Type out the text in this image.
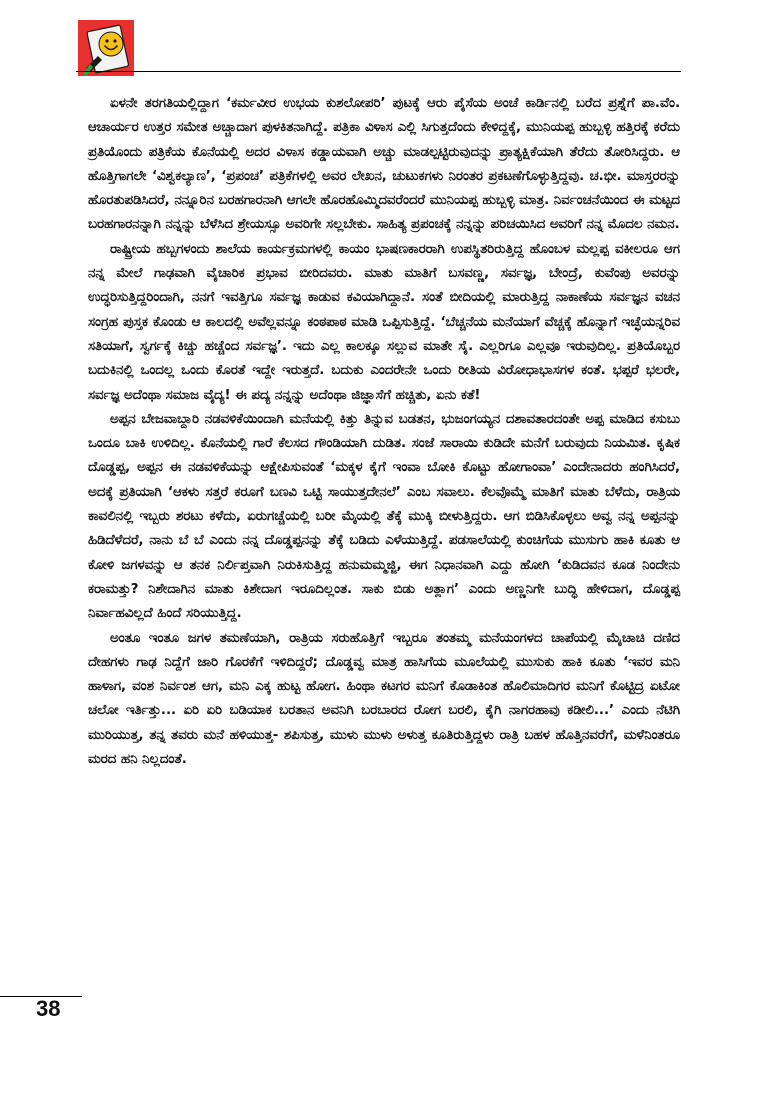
ಏಳನೇ ತರಗತಿಯಲ್ಲಿದ್ದಾಗ ‘ಕರ್ಮವೀರ ಉಭಯ ಕುಶಲೋಪರಿ’ ಪುಟಕ್ಕೆ ಆರು ಪೈಸೆಯ ಅಂಚೆ ಕಾರ್ಡಿನಲ್ಲಿ ಬರೆದ ಪ್ರಶ್ನೆಗೆ ಪಾ.ವೆಂ. ಆಚಾರ್ಯರ ಉತ್ತರ ಸಮೇತ ಅಚ್ಚಾದಾಗ ಪುಳಕಿತನಾಗಿದ್ದೆ. ಪತ್ರಿಕಾ ವಿಳಾಸ ಎಲ್ಲಿ ಸಿಗುತ್ತದೆಂದು ಕೇಳಿದ್ದಕ್ಕೆ, ಮುನಿಯಪ್ಪ ಹುಬ್ಬಳ್ಳಿ ಹತ್ತಿರಕ್ಕೆ ಕರೆದು ಪ್ರತಿಯೊಂದು ಪತ್ರಿಕೆಯ ಕೊನೆಯಲ್ಲಿ ಅದರ ವಿಳಾಸ ಕಡ್ಡಾಯವಾಗಿ ಅಚ್ಚು ಮಾಡಲ್ಪಟ್ಟಿರುವುದನ್ನು ಪ್ರಾತ್ಯಕ್ಷಿಕೆಯಾಗಿ ತೆರೆದು ತೋರಿಸಿದ್ದರು. ಆ ಹೊತ್ತಿಗಾಗಲೇ ‘ವಿಶ್ವಕಲ್ಯಾಣ’, ‘ಪ್ರಪಂಚ’ ಪತ್ರಿಕೆಗಳಲ್ಲಿ ಅವರ ಲೇಖನ, ಚುಟುಕಗಳು ನಿರಂತರ ಪ್ರಕಟಣೆಗೊಳ್ಳುತ್ತಿದ್ದವು. ಚ.ಭೀ. ಮಾಸ್ತರರನ್ನು ಹೊರತುಪಡಿಸಿದರೆ, ನನ್ನೂರಿನ ಬರಹಗಾರನಾಗಿ ಆಗಲೇ ಹೊರಹೊಮ್ಮಿದವರೆಂದರೆ ಮುನಿಯಪ್ಪ ಹುಬ್ಬಳ್ಳಿ ಮಾತ್ರ. ನಿರ್ವಂಚನೆಯಿಂದ ಈ ಮಟ್ಟದ ಬರಹಗಾರನನ್ನಾಗಿ ನನ್ನನ್ನು ಬೆಳೆಸಿದ ಶ್ರೇಯಸ್ಸೂ ಅವರಿಗೇ ಸಲ್ಲಬೇಕು. ಸಾಹಿತ್ಯ ಪ್ರಪಂಚಕ್ಕೆ ನನ್ನನ್ನು ಪರಿಚಯಿಸಿದ ಅವರಿಗೆ ನನ್ನ ಮೊದಲ ನಮನ.

ರಾಷ್ಟ್ರೀಯ ಹಬ್ಬಗಳಂದು ಶಾಲೆಯ ಕಾರ್ಯಕ್ರಮಗಳಲ್ಲಿ ಕಾಯಂ ಭಾಷಣಕಾರರಾಗಿ ಉಪಸ್ಥಿತರಿರುತ್ತಿದ್ದ ಹೊಂಬಳ ಮಲ್ಲಪ್ಪ ವಕೀಲರೂ ಆಗ ನನ್ನ ಮೇಲೆ ಗಾಢವಾಗಿ ವೈಚಾರಿಕ ಪ್ರಭಾವ ಬೀರಿದವರು. ಮಾತು ಮಾತಿಗೆ ಬಸವಣ್ಣ, ಸರ್ವಜ್ಞ, ಬೇಂದ್ರೆ, ಕುವೆಂಪು ಅವರನ್ನು ಉದ್ಧರಿಸುತ್ತಿದ್ದರಿಂದಾಗಿ, ನನಗೆ ಇವತ್ತಿಗೂ ಸರ್ವಜ್ಞ ಕಾಡುವ ಕವಿಯಾಗಿದ್ದಾನೆ. ಸಂತೆ ಬೀದಿಯಲ್ಲಿ ಮಾರುತ್ತಿದ್ದ ನಾಕಾಣೆಯ ಸರ್ವಜ್ಞನ ವಚನ ಸಂಗ್ರಹ ಪುಸ್ತಕ ಕೊಂಡು ಆ ಕಾಲದಲ್ಲಿ ಅವೆಲ್ಲವನ್ನೂ ಕಂಠಪಾಠ ಮಾಡಿ ಒಪ್ಪಿಸುತ್ತಿದ್ದೆ. ‘ಬೆಚ್ಚನೆಯ ಮನೆಯಾಗೆ ವೆಚ್ಚಕ್ಕೆ ಹೊನ್ನಾಗೆ ಇಚ್ಛೆಯನ್ನರಿವ ಸತಿಯಾಗೆ, ಸ್ವರ್ಗಕ್ಕೆ ಕಿಚ್ಚು ಹಚ್ಚೆಂದ ಸರ್ವಜ್ಞ’. ಇದು ಎಲ್ಲ ಕಾಲಕ್ಕೂ ಸಲ್ಲುವ ಮಾತೇ ಸೈ. ಎಲ್ಲರಿಗೂ ಎಲ್ಲವೂ ಇರುವುದಿಲ್ಲ. ಪ್ರತಿಯೊಬ್ಬರ ಬದುಕಿನಲ್ಲಿ ಒಂದಲ್ಲ ಒಂದು ಕೊರತೆ ಇದ್ದೇ ಇರುತ್ತದೆ. ಬದುಕು ಎಂದರೇನೇ ಒಂದು ರೀತಿಯ ವಿರೋಧಾಭಾಸಗಳ ಕಂತೆ. ಭಪ್ಪರೆ ಭಲರೇ, ಸರ್ವಜ್ಞ ಅದೆಂಥಾ ಸಮಾಜ ವೈದ್ಯ! ಈ ಪದ್ಯ ನನ್ನನ್ನು ಅದೆಂಥಾ ಜಿಜ್ಞಾಸೆಗೆ ಹಚ್ಚಿತು, ಏನು ಕತೆ!

ಅಪ್ಪನ ಬೇಜವಾಬ್ದಾರಿ ನಡವಳಿಕೆಯಿಂದಾಗಿ ಮನೆಯಲ್ಲಿ ಕಿತ್ತು ತಿನ್ನುವ ಬಡತನ, ಭುಜಂಗಯ್ಯನ ದಶಾವತಾರದಂತೇ ಅಪ್ಪ ಮಾಡಿದ ಕಸುಬು ಒಂದೂ ಬಾಕಿ ಉಳಿದಿಲ್ಲ. ಕೊನೆಯಲ್ಲಿ ಗಾರೆ ಕೆಲಸದ ಗೌಂಡಿಯಾಗಿ ದುಡಿತ. ಸಂಜೆ ಸಾರಾಯಿ ಕುಡಿದೇ ಮನೆಗೆ ಬರುವುದು ನಿಯಮಿತ. ಕೃಷಿಕ ದೊಡ್ಡಪ್ಪ, ಅಪ್ಪನ ಈ ನಡವಳಿಕೆಯನ್ನು ಆಕ್ಷೇಪಿಸುವಂತೆ ‘ಮಕ್ಕಳ ಕೈಗೆ ಇಂವಾ ಬೋಕಿ ಕೊಟ್ಟು ಹೋಗಾಂವಾ’ ಎಂದೇನಾದರು ಹಂಗಿಸಿದರೆ, ಅದಕ್ಕೆ ಪ್ರತಿಯಾಗಿ ‘ಆಕಳು ಸತ್ತರೆ ಕರೂಗೆ ಬಣವಿ ಒಟ್ಟಿ ಸಾಯುತ್ತದೇನಲೆ’ ಎಂಬ ಸವಾಲು. ಕೆಲವೊಮ್ಮೆ ಮಾತಿಗೆ ಮಾತು ಬೆಳೆದು, ರಾತ್ರಿಯ ಕಾವಲಿನಲ್ಲಿ ಇಬ್ಬರು ಶರಟು ಕಳೆದು, ಏರುಗಚ್ಚೆಯಲ್ಲಿ ಬರೀ ಮೈಯಲ್ಲಿ ತೆಕ್ಕೆ ಮುಕ್ಕಿ ಬೀಳುತ್ತಿದ್ದರು. ಆಗ ಬಿಡಿಸಿಕೊಳ್ಳಲು ಅವ್ವ ನನ್ನ ಅಪ್ಪನನ್ನು ಹಿಡಿದೆಳೆದರೆ, ನಾನು ಬೆ ಬೆ ಎಂದು ನನ್ನ ದೊಡ್ಡಪ್ಪನನ್ನು ತೆಕ್ಕೆ ಬಡಿದು ಎಳೆಯುತ್ತಿದ್ದೆ. ಪಡಸಾಲೆಯಲ್ಲಿ ಕುಂಚಿಗೆಯ ಮುಸುಗು ಹಾಕಿ ಕೂತು ಆ ಕೋಳಿ ಜಗಳವನ್ನು ಆ ತನಕ ನಿರ್ಲಿಪ್ತವಾಗಿ ನಿರುಕಿಸುತ್ತಿದ್ದ ಹನುಮಮ್ಮಜ್ಜಿ, ಈಗ ನಿಧಾನವಾಗಿ ಎದ್ದು ಹೋಗಿ ‘ಕುಡಿದವನ ಕೂಡ ನಿಂದೇನು ಕರಾಮತ್ತು? ನಿಶೇದಾಗಿನ ಮಾತು ಕಿಶೇದಾಗ ಇರೂದಿಲ್ಲಂತ. ಸಾಕು ಬಿಡು ಅತ್ಲಾಗ’ ಎಂದು ಅಣ್ಣನಿಗೇ ಬುದ್ಧಿ ಹೇಳಿದಾಗ, ದೊಡ್ಡಪ್ಪ ನಿರ್ವಾಹವಿಲ್ಲದೆ ಹಿಂದೆ ಸರಿಯುತ್ತಿದ್ದ.

ಅಂತೂ ಇಂತೂ ಜಗಳ ತಮಣೆಯಾಗಿ, ರಾತ್ರಿಯ ಸರುಹೊತ್ತಿಗೆ ಇಬ್ಬರೂ ತಂತಮ್ಮ ಮನೆಯಂಗಳದ ಚಾಪೆಯಲ್ಲಿ ಮೈಚಾಚಿ ದಣಿದ ದೇಹಗಳು ಗಾಢ ನಿದ್ದೆಗೆ ಜಾರಿ ಗೊರಕೆಗೆ ಇಳಿದಿದ್ದರೆ; ದೊಡ್ಡವ್ವ ಮಾತ್ರ ಹಾಸಿಗೆಯ ಮೂಲೆಯಲ್ಲಿ ಮುಸುಕು ಹಾಕಿ ಕೂತು ‘ಇವರ ಮನಿ ಹಾಳಾಗ, ವಂಶ ನಿರ್ವಂಶ ಆಗ, ಮನಿ ಎಕ್ಕ ಹುಟ್ಟ ಹೋಗ. ಹಿಂಥಾ ಕಟಗರ ಮನಿಗೆ ಕೊಡಾಕಿಂತ ಹೊಲಿಮಾದಿಗರ ಮನಿಗೆ ಕೊಟ್ಟಿದ್ರ ಏಟೋ ಚಲೋ ಇರ್ತಿತ್ತು... ಏರಿ ಏರಿ ಬಡಿಯಾಕ ಬರತಾನ ಅವನಿಗಿ ಬರಬಾರದ ರೋಗ ಬರಲಿ, ಕೈಗಿ ನಾಗರಹಾವು ಕಡೀಲಿ...’ ಎಂದು ನೆಟಿಗಿ ಮುರಿಯುತ್ತ, ತನ್ನ ತವರು ಮನೆ ಹಳಿಯುತ್ತ- ಶಪಿಸುತ್ತ, ಮುಳು ಮುಳು ಅಳುತ್ತ ಕೂತಿರುತ್ತಿದ್ದಳು ರಾತ್ರಿ ಬಹಳ ಹೊತ್ತಿನವರೆಗೆ, ಮಳೆನಿಂತರೂ ಮರದ ಹನಿ ನಿಲ್ಲದಂತೆ.

38
